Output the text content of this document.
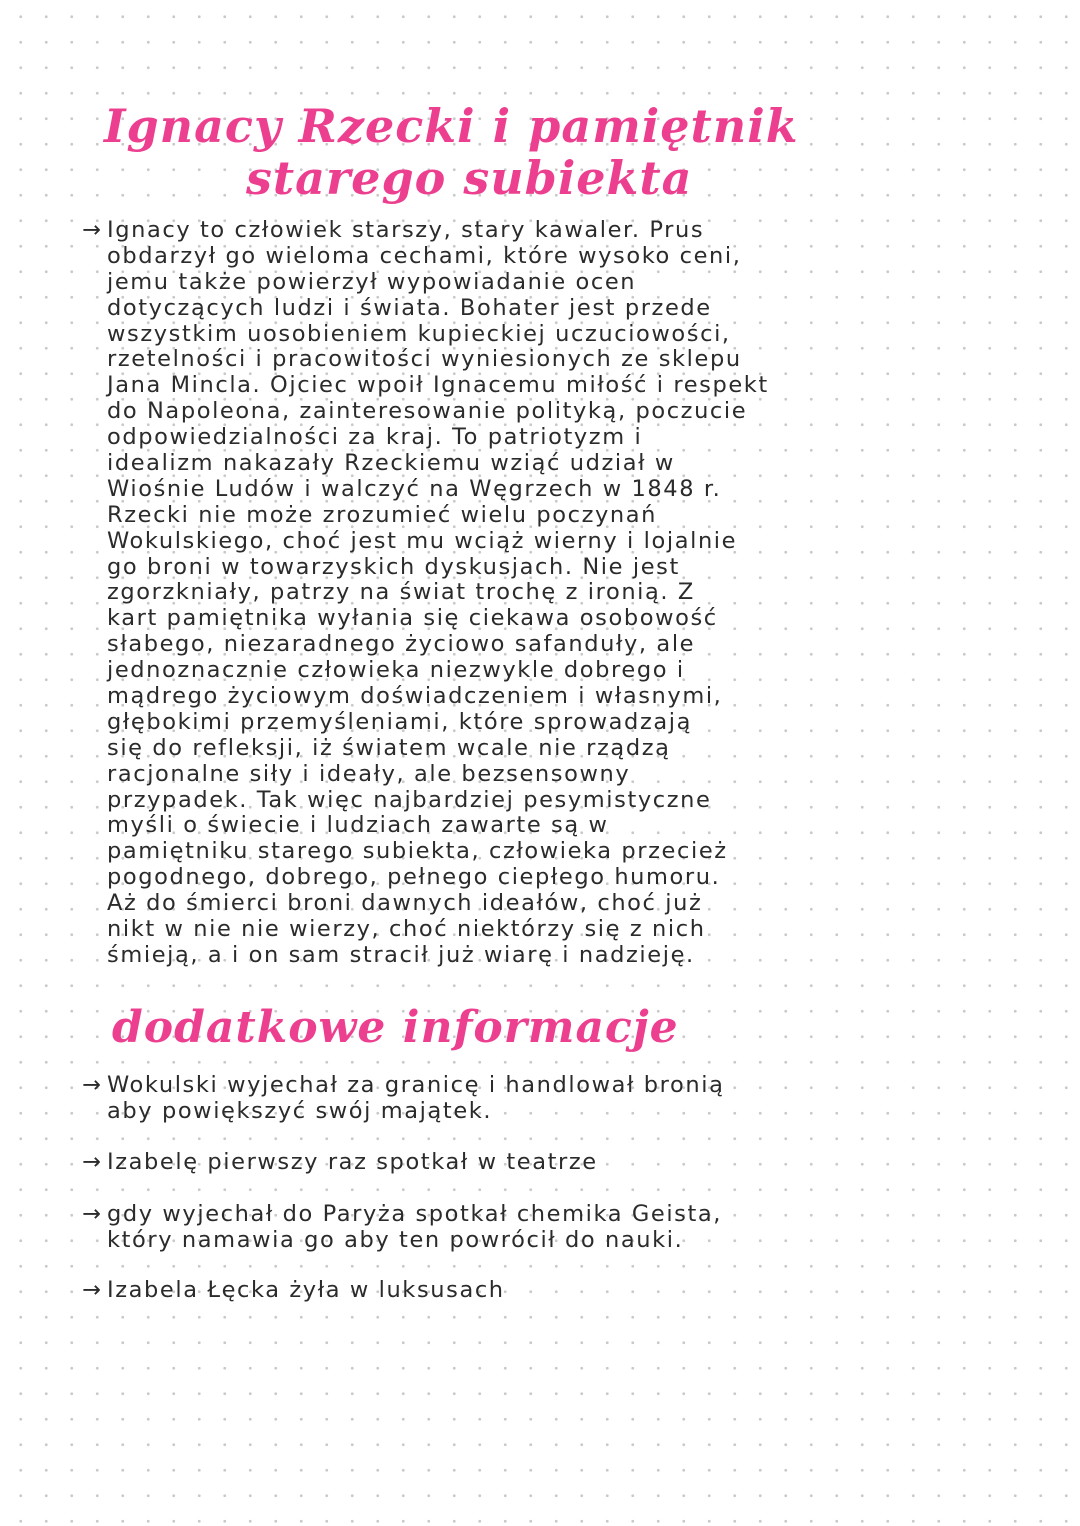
Ignacy Rzecki i pamiętnik
starego subiekta
→ Ignacy to człowiek starszy, stary kawaler. Prus
obdarzył go wieloma cechami, które wysoko ceni,
jemu także powierzył wypowiadanie ocen
dotyczących ludzi i świata. Bohater jest przede
wszystkim uosobieniem kupieckiej uczuciowości,
rzetelności i pracowitości wyniesionych ze sklepu
Jana Mincla. Ojciec wpoił Ignacemu miłość i respekt
do Napoleona, zainteresowanie polityką, poczucie
odpowiedzialności za kraj. To patriotyzm i
idealizm nakazały Rzeckiemu wziąć udział w
Wiośnie Ludów i walczyć na Węgrzech w 1848 r.
Rzecki nie może zrozumieć wielu poczynań
Wokulskiego, choć jest mu wciąż wierny i lojalnie
go broni w towarzyskich dyskusjach. Nie jest
zgorzkniały, patrzy na świat trochę z ironią. Z
kart pamiętnika wyłania się ciekawa osobowość
słabego, niezaradnego życiowo safanduły, ale
jednoznacznie człowieka niezwykle dobrego i
mądrego życiowym doświadczeniem i własnymi,
głębokimi przemyśleniami, które sprowadzają
się do refleksji, iż światem wcale nie rządzą
racjonalne siły i ideały, ale bezsensowny
przypadek. Tak więc najbardziej pesymistyczne
myśli o świecie i ludziach zawarte są w
pamiętniku starego subiekta, człowieka przecież
pogodnego, dobrego, pełnego ciepłego humoru.
Aż do śmierci broni dawnych ideałów, choć już
nikt w nie nie wierzy, choć niektórzy się z nich
śmieją, a i on sam stracił już wiarę i nadzieję.
dodatkowe informacje
→ Wokulski wyjechał za granicę i handlował bronią
aby powiększyć swój majątek.
→ Izabelę pierwszy raz spotkał w teatrze
→ gdy wyjechał do Paryża spotkał chemika Geista,
który namawia go aby ten powrócił do nauki.
→ Izabela Łęcka żyła w luksusach
